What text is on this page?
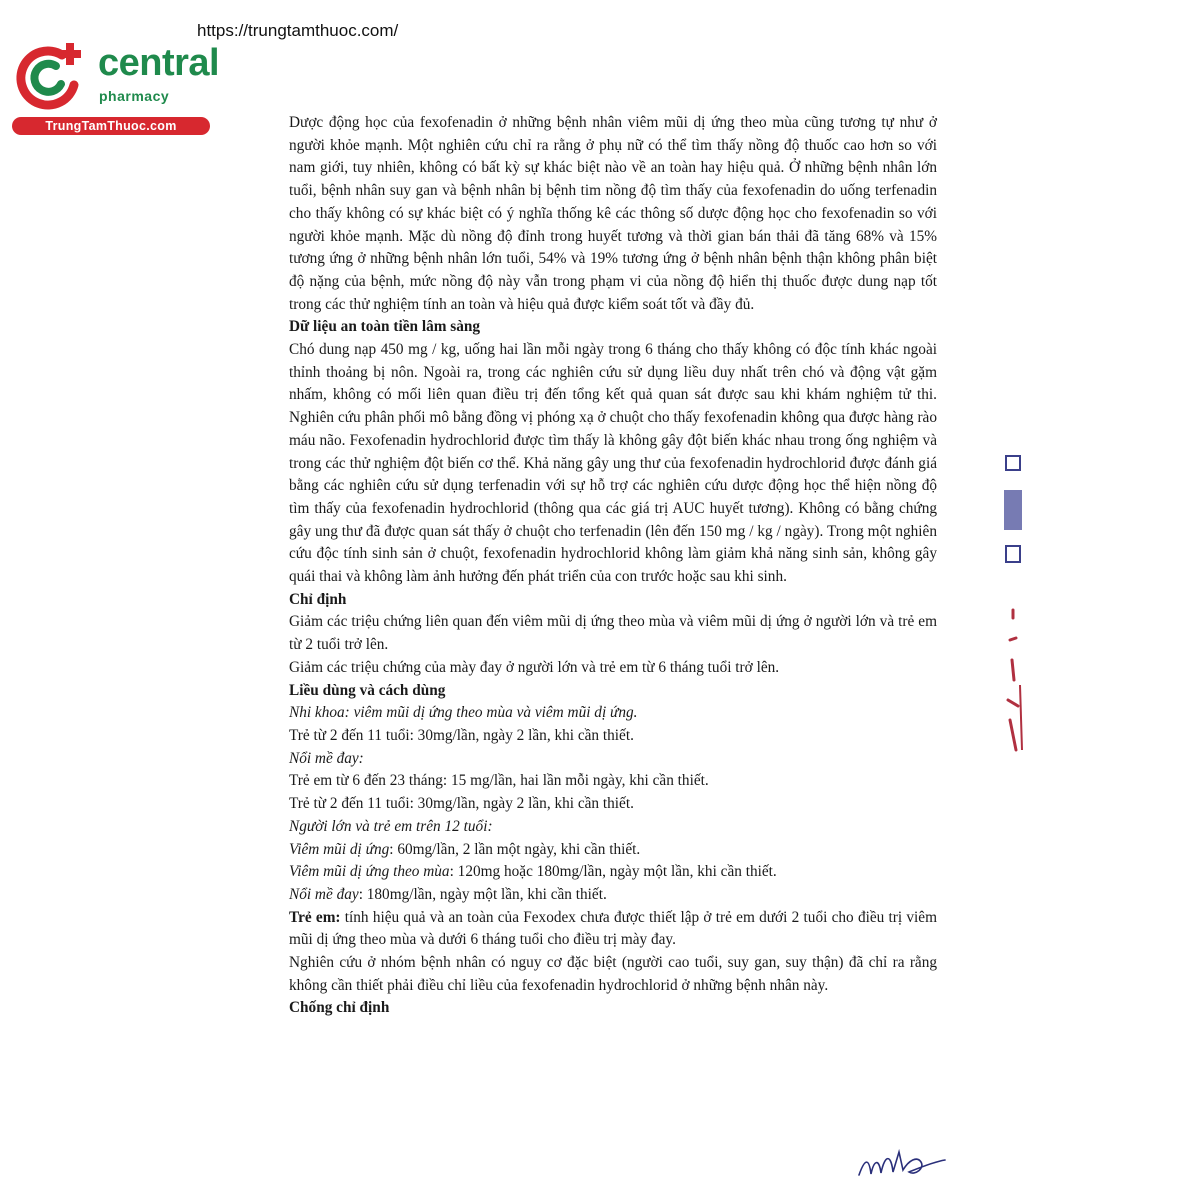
https://trungtamthuoc.com/
central
pharmacy
TrungTamThuoc.com	Dược động học của fexofenadin ở những bệnh nhân viêm mũi dị ứng theo mùa cũng tương tự như ở người khỏe mạnh. Một nghiên cứu chỉ ra rằng ở phụ nữ có thể tìm thấy nồng độ thuốc cao hơn so với nam giới, tuy nhiên, không có bất kỳ sự khác biệt nào về an toàn hay hiệu quả. Ở những bệnh nhân lớn tuổi, bệnh nhân suy gan và bệnh nhân bị bệnh tim nồng độ tìm thấy của fexofenadin do uống terfenadin cho thấy không có sự khác biệt có ý nghĩa thống kê các thông số dược động học cho fexofenadin so với người khỏe mạnh. Mặc dù nồng độ đỉnh trong huyết tương và thời gian bán thải đã tăng 68% và 15% tương ứng ở những bệnh nhân lớn tuổi, 54% và 19% tương ứng ở bệnh nhân bệnh thận không phân biệt độ nặng của bệnh, mức nồng độ này vẫn trong phạm vi của nồng độ hiển thị thuốc được dung nạp tốt trong các thử nghiệm tính an toàn và hiệu quả được kiểm soát tốt và đầy đủ.

Dữ liệu an toàn tiền lâm sàng

Chó dung nạp 450 mg / kg, uống hai lần mỗi ngày trong 6 tháng cho thấy không có độc tính khác ngoài thỉnh thoảng bị nôn. Ngoài ra, trong các nghiên cứu sử dụng liều duy nhất trên chó và động vật gặm nhấm, không có mối liên quan điều trị đến tổng kết quả quan sát được sau khi khám nghiệm tử thi. Nghiên cứu phân phối mô bằng đồng vị phóng xạ ở chuột cho thấy fexofenadin không qua được hàng rào máu não. Fexofenadin hydrochlorid được tìm thấy là không gây đột biến khác nhau trong ống nghiệm và trong các thử nghiệm đột biến cơ thể. Khả năng gây ung thư của fexofenadin hydrochlorid được đánh giá bằng các nghiên cứu sử dụng terfenadin với sự hỗ trợ các nghiên cứu dược động học thể hiện nồng độ tìm thấy của fexofenadin hydrochlorid (thông qua các giá trị AUC huyết tương). Không có bằng chứng gây ung thư đã được quan sát thấy ở chuột cho terfenadin (lên đến 150 mg / kg / ngày). Trong một nghiên cứu độc tính sinh sản ở chuột, fexofenadin hydrochlorid không làm giảm khả năng sinh sản, không gây quái thai và không làm ảnh hưởng đến phát triển của con trước hoặc sau khi sinh.

Chỉ định

Giảm các triệu chứng liên quan đến viêm mũi dị ứng theo mùa và viêm mũi dị ứng ở người lớn và trẻ em từ 2 tuổi trở lên.

Giảm các triệu chứng của mày đay ở người lớn và trẻ em từ 6 tháng tuổi trở lên.

Liều dùng và cách dùng

Nhi khoa: viêm mũi dị ứng theo mùa và viêm mũi dị ứng.

Trẻ từ 2 đến 11 tuổi: 30mg/lần, ngày 2 lần, khi cần thiết.

Nổi mề đay:

Trẻ em từ 6 đến 23 tháng: 15 mg/lần, hai lần mỗi ngày, khi cần thiết.

Trẻ từ 2 đến 11 tuổi: 30mg/lần, ngày 2 lần, khi cần thiết.

Người lớn và trẻ em trên 12 tuổi:

Viêm mũi dị ứng: 60mg/lần, 2 lần một ngày, khi cần thiết.

Viêm mũi dị ứng theo mùa: 120mg hoặc 180mg/lần, ngày một lần, khi cần thiết.

Nổi mề đay: 180mg/lần, ngày một lần, khi cần thiết.

Trẻ em: tính hiệu quả và an toàn của Fexodex chưa được thiết lập ở trẻ em dưới 2 tuổi cho điều trị viêm mũi dị ứng theo mùa và dưới 6 tháng tuổi cho điều trị mày đay.

Nghiên cứu ở nhóm bệnh nhân có nguy cơ đặc biệt (người cao tuổi, suy gan, suy thận) đã chỉ ra rằng không cần thiết phải điều chỉ liều của fexofenadin hydrochlorid ở những bệnh nhân này.

Chống chỉ định
